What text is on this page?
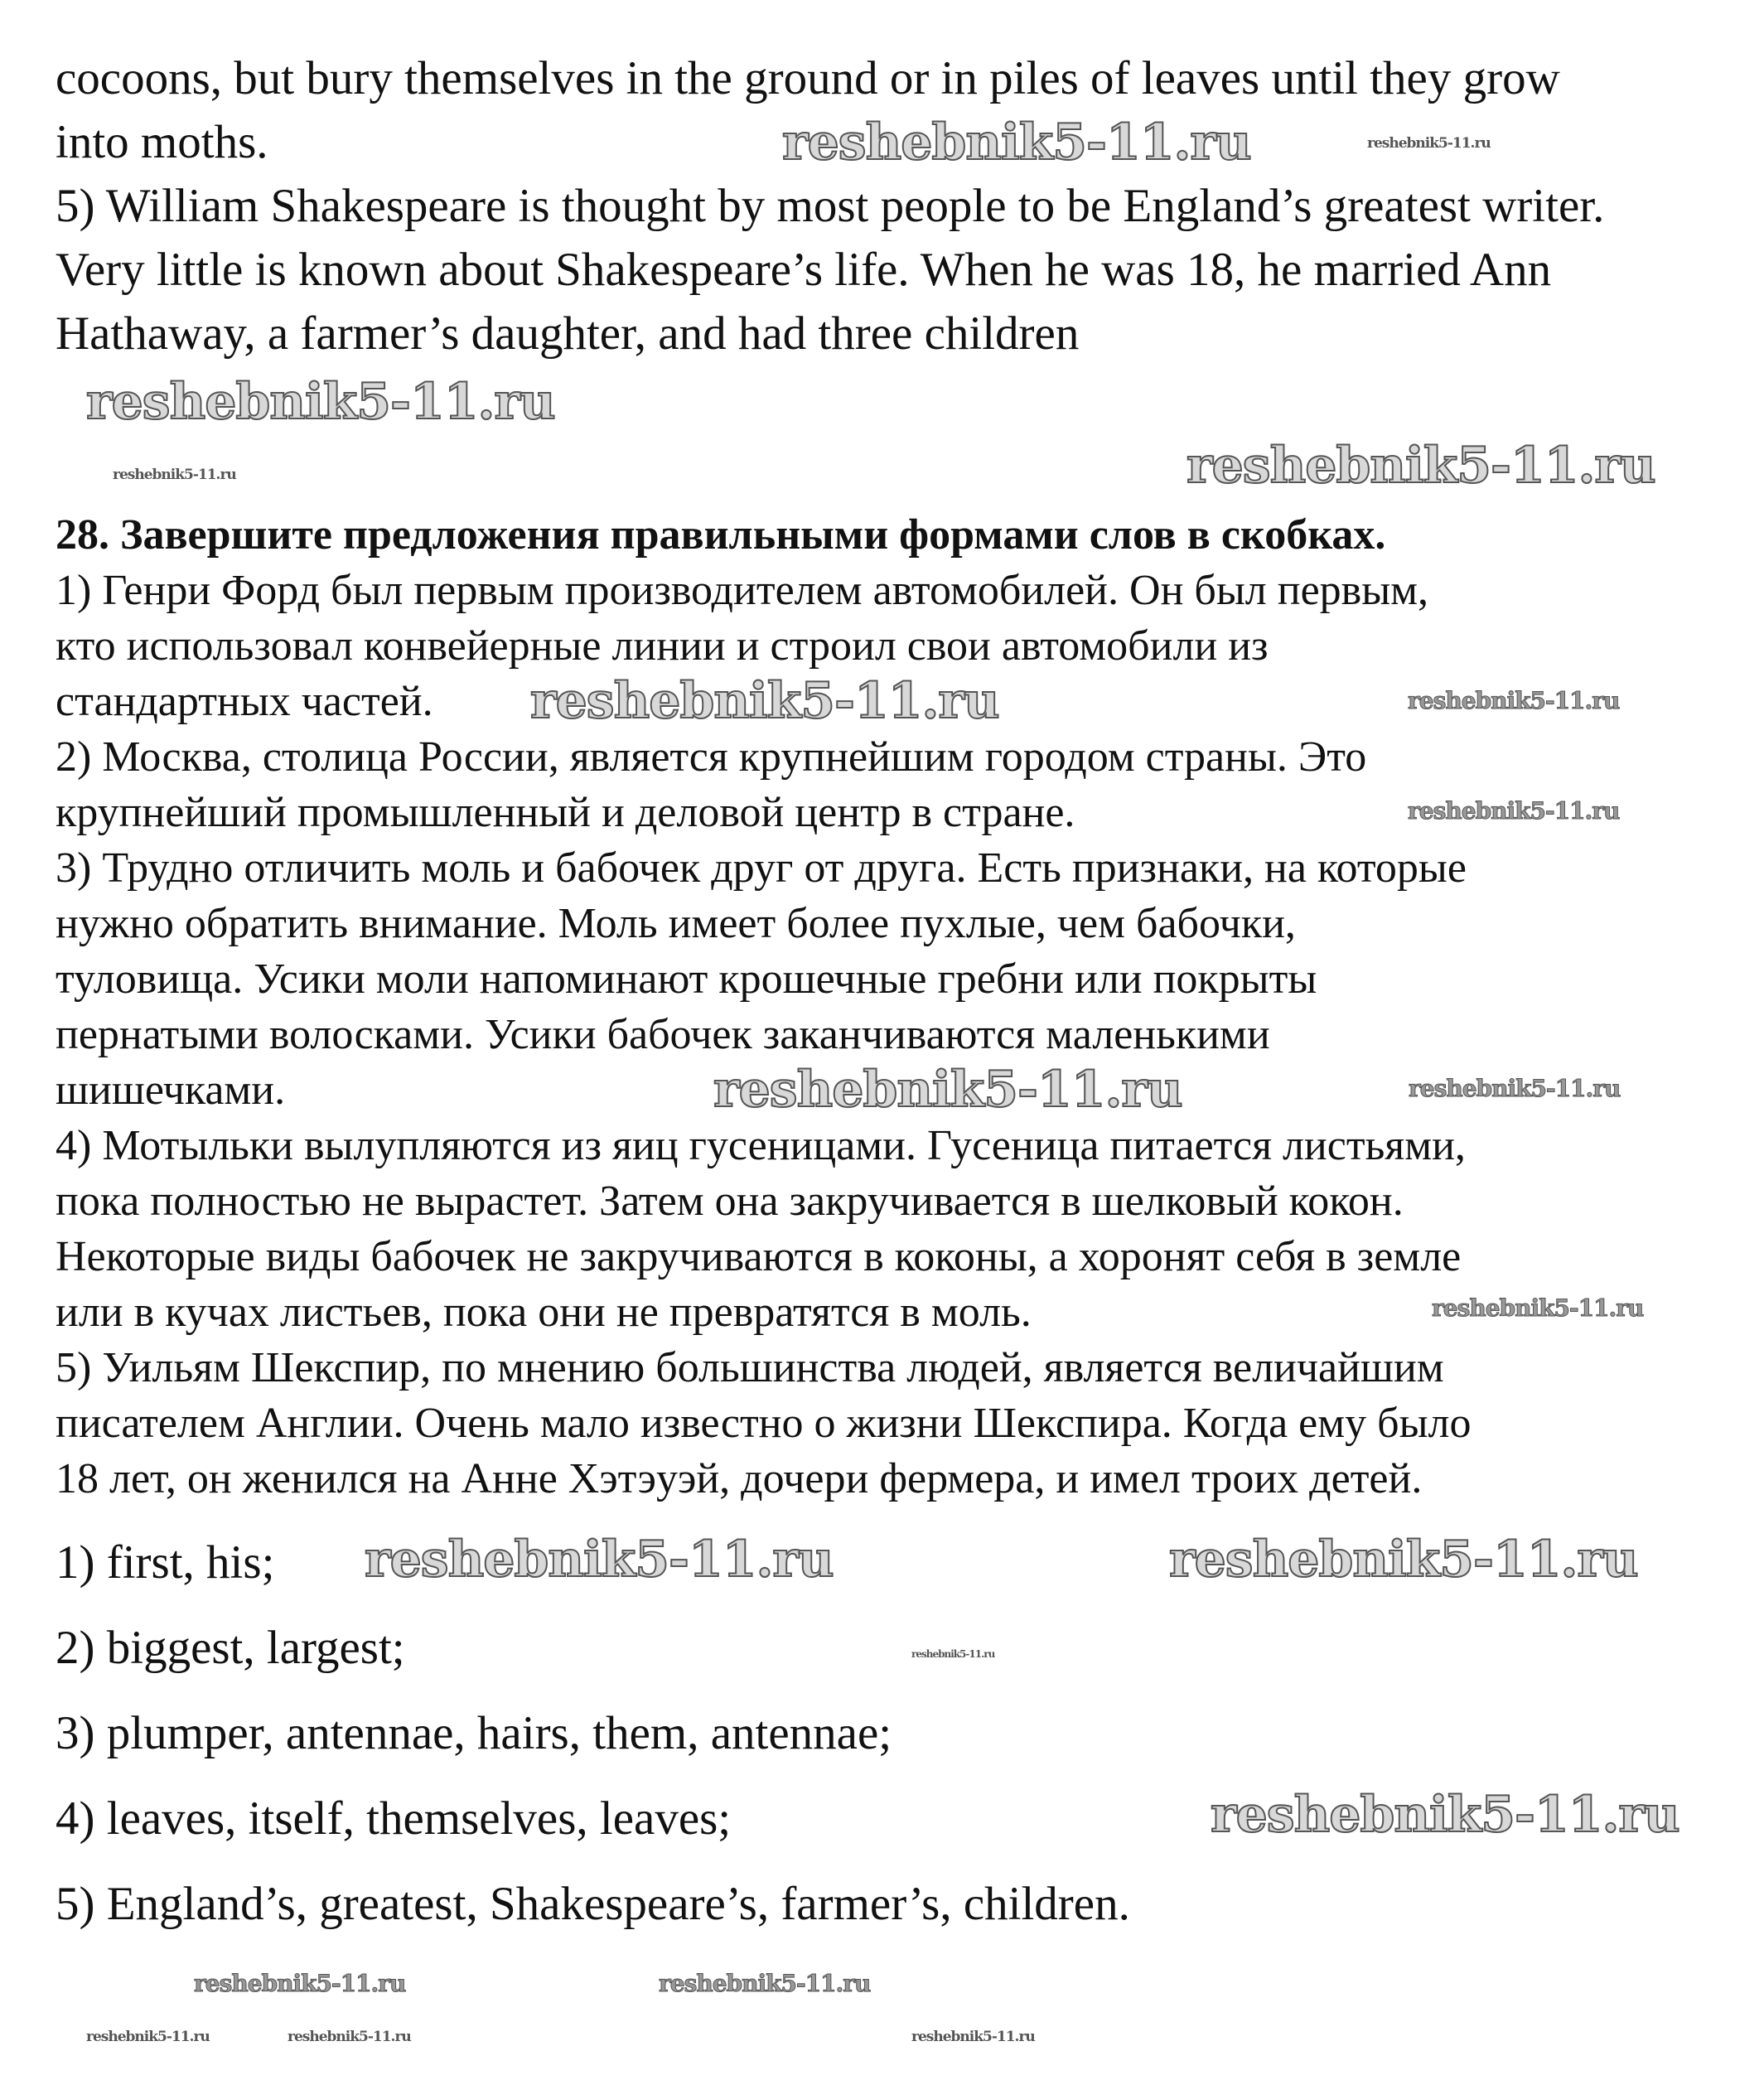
cocoons, but bury themselves in the ground or in piles of leaves until they grow
into moths.
5) William Shakespeare is thought by most people to be England’s greatest writer.
Very little is known about Shakespeare’s life. When he was 18, he married Ann
Hathaway, a farmer’s daughter, and had three children
28. Завершите предложения правильными формами слов в скобках.
1) Генри Форд был первым производителем автомобилей. Он был первым,
кто использовал конвейерные линии и строил свои автомобили из
стандартных частей.
2) Москва, столица России, является крупнейшим городом страны. Это
крупнейший промышленный и деловой центр в стране.
3) Трудно отличить моль и бабочек друг от друга. Есть признаки, на которые
нужно обратить внимание. Моль имеет более пухлые, чем бабочки,
туловища. Усики моли напоминают крошечные гребни или покрыты
пернатыми волосками. Усики бабочек заканчиваются маленькими
шишечками.
4) Мотыльки вылупляются из яиц гусеницами. Гусеница питается листьями,
пока полностью не вырастет. Затем она закручивается в шелковый кокон.
Некоторые виды бабочек не закручиваются в коконы, а хоронят себя в земле
или в кучах листьев, пока они не превратятся в моль.
5) Уильям Шекспир, по мнению большинства людей, является величайшим
писателем Англии. Очень мало известно о жизни Шекспира. Когда ему было
18 лет, он женился на Анне Хэтэуэй, дочери фермера, и имел троих детей.
1) first, his;
2) biggest, largest;
3) plumper, antennae, hairs, them, antennae;
4) leaves, itself, themselves, leaves;
5) England’s, greatest, Shakespeare’s, farmer’s, children.
reshebnik5-11.ru
reshebnik5-11.ru
reshebnik5-11.ru
reshebnik5-11.ru
reshebnik5-11.ru
reshebnik5-11.ru	reshebnik5-11.ru
reshebnik5-11.ru
reshebnik5-11.ru
reshebnik5-11.ru
reshebnik5-11.ru
reshebnik5-11.ru
reshebnik5-11.ru	reshebnik5-11.ru
reshebnik5-11.ru	reshebnik5-11.ru
reshebnik5-11.ru
reshebnik5-11.ru
reshebnik5-11.ru
reshebnik5-11.ru
